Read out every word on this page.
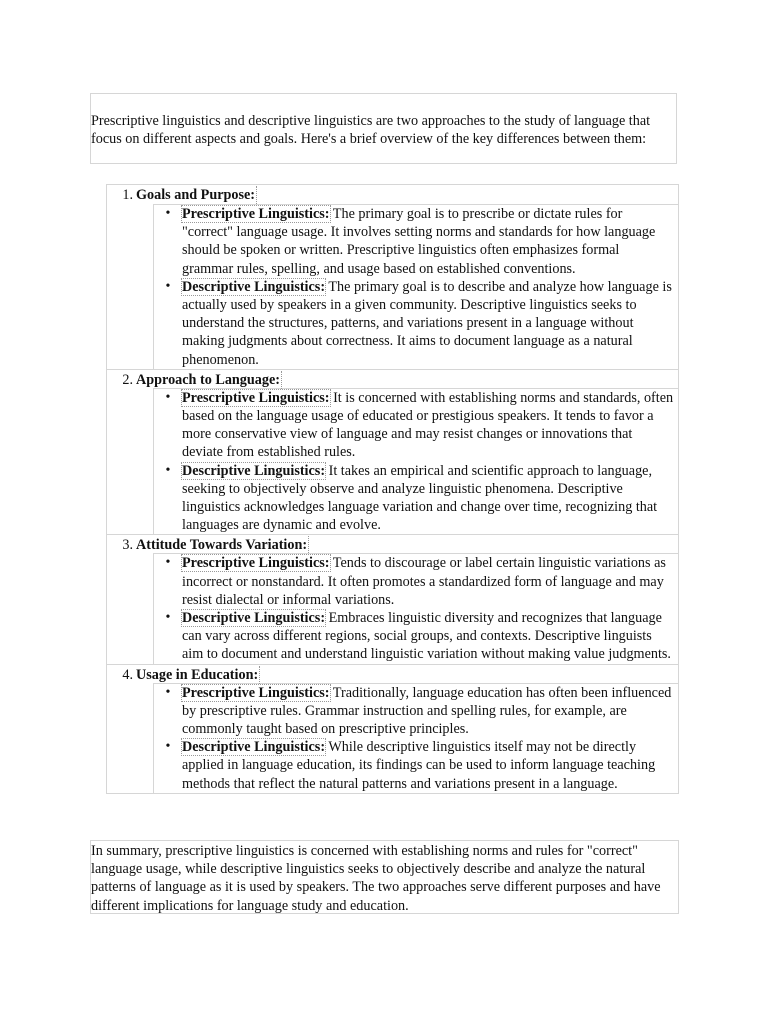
Prescriptive linguistics and descriptive linguistics are two approaches to the study of language that focus on different aspects and goals. Here's a brief overview of the key differences between them:
1. Goals and Purpose:
• Prescriptive Linguistics: The primary goal is to prescribe or dictate rules for "correct" language usage. It involves setting norms and standards for how language should be spoken or written. Prescriptive linguistics often emphasizes formal grammar rules, spelling, and usage based on established conventions.
• Descriptive Linguistics: The primary goal is to describe and analyze how language is actually used by speakers in a given community. Descriptive linguistics seeks to understand the structures, patterns, and variations present in a language without making judgments about correctness. It aims to document language as a natural phenomenon.
2. Approach to Language:
• Prescriptive Linguistics: It is concerned with establishing norms and standards, often based on the language usage of educated or prestigious speakers. It tends to favor a more conservative view of language and may resist changes or innovations that deviate from established rules.
• Descriptive Linguistics: It takes an empirical and scientific approach to language, seeking to objectively observe and analyze linguistic phenomena. Descriptive linguistics acknowledges language variation and change over time, recognizing that languages are dynamic and evolve.
3. Attitude Towards Variation:
• Prescriptive Linguistics: Tends to discourage or label certain linguistic variations as incorrect or nonstandard. It often promotes a standardized form of language and may resist dialectal or informal variations.
• Descriptive Linguistics: Embraces linguistic diversity and recognizes that language can vary across different regions, social groups, and contexts. Descriptive linguists aim to document and understand linguistic variation without making value judgments.
4. Usage in Education:
• Prescriptive Linguistics: Traditionally, language education has often been influenced by prescriptive rules. Grammar instruction and spelling rules, for example, are commonly taught based on prescriptive principles.
• Descriptive Linguistics: While descriptive linguistics itself may not be directly applied in language education, its findings can be used to inform language teaching methods that reflect the natural patterns and variations present in a language.
In summary, prescriptive linguistics is concerned with establishing norms and rules for "correct" language usage, while descriptive linguistics seeks to objectively describe and analyze the natural patterns of language as it is used by speakers. The two approaches serve different purposes and have different implications for language study and education.
